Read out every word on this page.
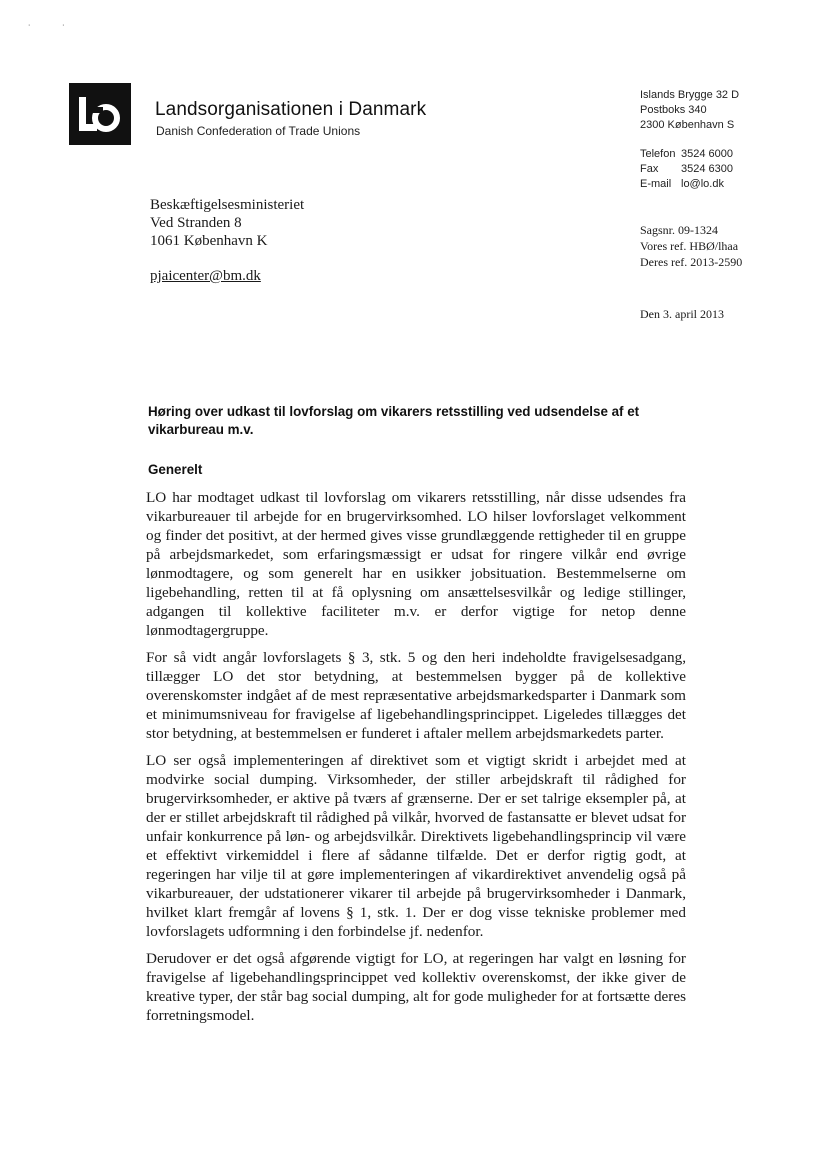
˙ ˙
Landsorganisationen i Danmark
Danish Confederation of Trade Unions
Islands Brygge 32 D
Postboks 340
2300 København S
Telefon 3524 6000
Fax	3524 6300
E-mail lo@lo.dk
Beskæftigelsesministeriet
Ved Stranden 8
1061 København K
pjaicenter@bm.dk
Sagsnr. 09-1324
Vores ref. HBØ/lhaa
Deres ref. 2013-2590
Den 3. april 2013
Høring over udkast til lovforslag om vikarers retsstilling ved udsendelse af et vikarbureau m.v.
Generelt

LO har modtaget udkast til lovforslag om vikarers retsstilling, når disse udsendes fra vikarbureauer til arbejde for en brugervirksomhed. LO hilser lovforslaget velkomment og finder det positivt, at der hermed gives visse grundlæggende rettigheder til en gruppe på arbejdsmarkedet, som erfaringsmæssigt er udsat for ringere vilkår end øvrige lønmodtagere, og som generelt har en usikker jobsituation. Bestemmelserne om ligebehandling, retten til at få oplysning om ansættelsesvilkår og ledige stillinger, adgangen til kollektive faciliteter m.v. er derfor vigtige for netop denne lønmodtagergruppe.

For så vidt angår lovforslagets § 3, stk. 5 og den heri indeholdte fravigelsesadgang, tillægger LO det stor betydning, at bestemmelsen bygger på de kollektive overenskomster indgået af de mest repræsentative arbejdsmarkedsparter i Danmark som et minimumsniveau for fravigelse af ligebehandlingsprincippet. Ligeledes tillægges det stor betydning, at bestemmelsen er funderet i aftaler mellem arbejdsmarkedets parter.

LO ser også implementeringen af direktivet som et vigtigt skridt i arbejdet med at modvirke social dumping. Virksomheder, der stiller arbejdskraft til rådighed for brugervirksomheder, er aktive på tværs af grænserne. Der er set talrige eksempler på, at der er stillet arbejdskraft til rådighed på vilkår, hvorved de fastansatte er blevet udsat for unfair konkurrence på løn- og arbejdsvilkår. Direktivets ligebehandlingsprincip vil være et effektivt virkemiddel i flere af sådanne tilfælde. Det er derfor rigtig godt, at regeringen har vilje til at gøre implementeringen af vikardirektivet anvendelig også på vikarbureauer, der udstationerer vikarer til arbejde på brugervirksomheder i Danmark, hvilket klart fremgår af lovens § 1, stk. 1. Der er dog visse tekniske problemer med lovforslagets udformning i den forbindelse jf. nedenfor.

Derudover er det også afgørende vigtigt for LO, at regeringen har valgt en løsning for fravigelse af ligebehandlingsprincippet ved kollektiv overenskomst, der ikke giver de kreative typer, der står bag social dumping, alt for gode muligheder for at fortsætte deres forretningsmodel.
